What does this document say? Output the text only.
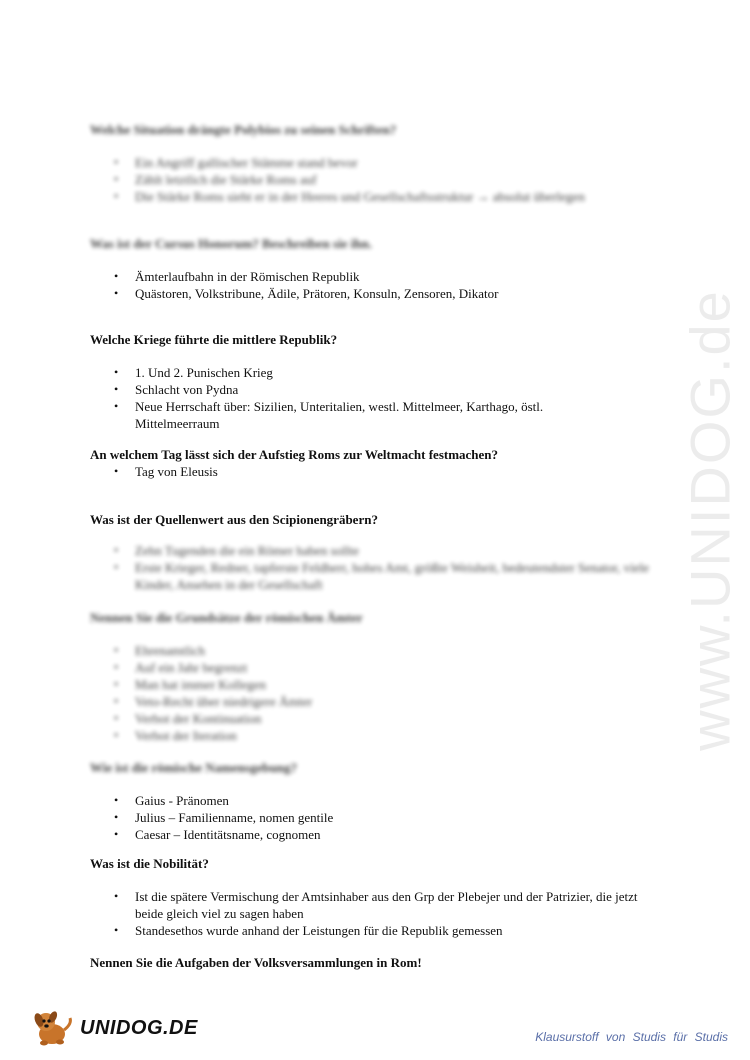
www.UNIDOG.de
Welche Situation drängte Polybios zu seinen Schriften?
• Ein Angriff gallischer Stämme stand bevor
• Zählt letztlich die Stärke Roms auf
• Die Stärke Roms sieht er in der Heeres und Gesellschaftsstruktur → absolut überlegen
Was ist der Cursus Honorum? Beschreiben sie ihn.
• Ämterlaufbahn in der Römischen Republik
• Quästoren, Volkstribune, Ädile, Prätoren, Konsuln, Zensoren, Dikator
Welche Kriege führte die mittlere Republik?
• 1. Und 2. Punischen Krieg
• Schlacht von Pydna
• Neue Herrschaft über: Sizilien, Unteritalien, westl. Mittelmeer, Karthago, östl. Mittelmeerraum
An welchem Tag lässt sich der Aufstieg Roms zur Weltmacht festmachen?
• Tag von Eleusis
Was ist der Quellenwert aus den Scipionengräbern?
• Zehn Tugenden die ein Römer haben sollte
• Erste Krieger, Redner, tapferste Feldherr, hohes Amt, größte Weisheit, bedeutendster Senator, viele Kinder, Ansehen in der Gesellschaft
Nennen Sie die Grundsätze der römischen Ämter
• Ehrenamtlich
• Auf ein Jahr begrenzt
• Man hat immer Kollegen
• Veto-Recht über niedrigere Ämter
• Verbot der Kontinuation
• Verbot der Iteration
Wie ist die römische Namensgebung?
• Gaius - Pränomen
• Julius – Familienname, nomen gentile
• Caesar – Identitätsname, cognomen
Was ist die Nobilität?
• Ist die spätere Vermischung der Amtsinhaber aus den Grp der Plebejer und der Patrizier, die jetzt beide gleich viel zu sagen haben
• Standesethos wurde anhand der Leistungen für die Republik gemessen
Nennen Sie die Aufgaben der Volksversammlungen in Rom!
UNIDOG.DE	Klausurstoff von Studis für Studis
